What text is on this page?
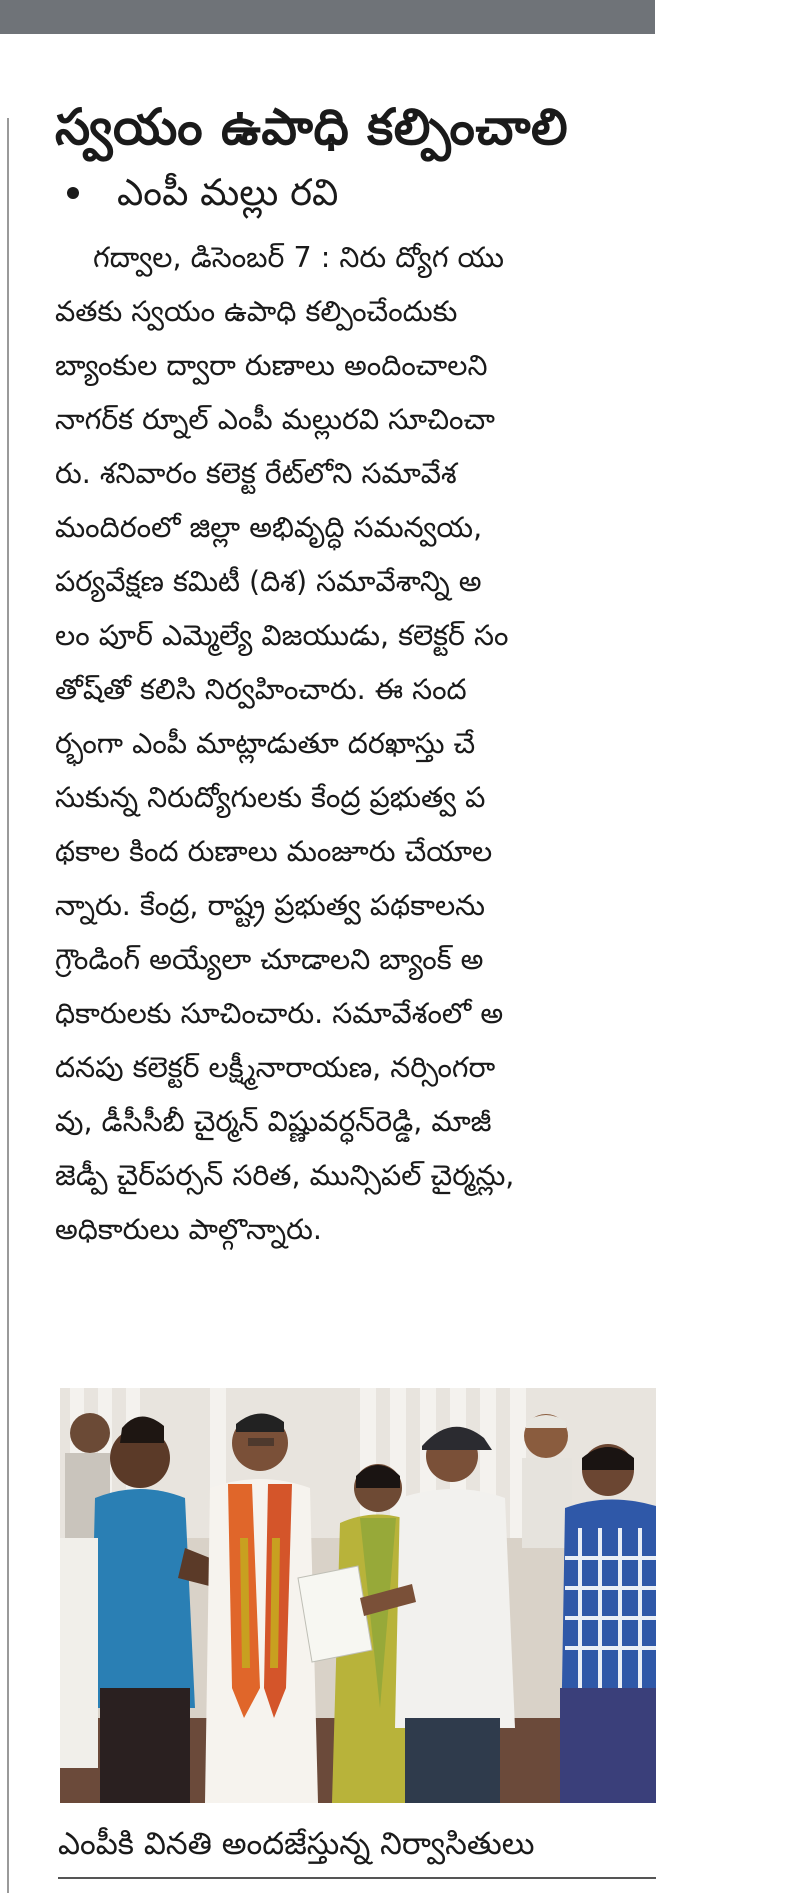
స్వయం ఉపాధి కల్పించాలి
ఎంపీ మల్లు రవి
గద్వాల, డిసెంబర్ 7 : నిరు ద్యోగ యు
వతకు స్వయం ఉపాధి కల్పించేందుకు
బ్యాంకుల ద్వారా రుణాలు అందించాలని
నాగర్‌క ర్నూల్ ఎంపీ మల్లురవి సూచించా
రు. శనివారం కలెక్ట రేట్‌లోని సమావేశ
మందిరంలో జిల్లా అభివృద్ధి సమన్వయ,
పర్యవేక్షణ కమిటీ (దిశ) సమావేశాన్ని అ
లం పూర్ ఎమ్మెల్యే విజయుడు, కలెక్టర్ సం
తోష్‌తో కలిసి నిర్వహించారు. ఈ సంద
ర్భంగా ఎంపీ మాట్లాడుతూ దరఖాస్తు చే
సుకున్న నిరుద్యోగులకు కేంద్ర ప్రభుత్వ ప
థకాల కింద రుణాలు మంజూరు చేయాల
న్నారు. కేంద్ర, రాష్ట్ర ప్రభుత్వ పథకాలను
గ్రౌండింగ్ అయ్యేలా చూడాలని బ్యాంక్ అ
ధికారులకు సూచించారు. సమావేశంలో అ
దనపు కలెక్టర్ లక్ష్మీనారాయణ, నర్సింగరా
వు, డీసీసీబీ చైర్మన్ విష్ణువర్ధన్‌రెడ్డి, మాజీ
జెడ్పీ చైర్‌పర్సన్ సరిత, మున్సిపల్ చైర్మన్లు,
అధికారులు పాల్గొన్నారు.
ఎంపీకి వినతి అందజేస్తున్న నిర్వాసితులు
